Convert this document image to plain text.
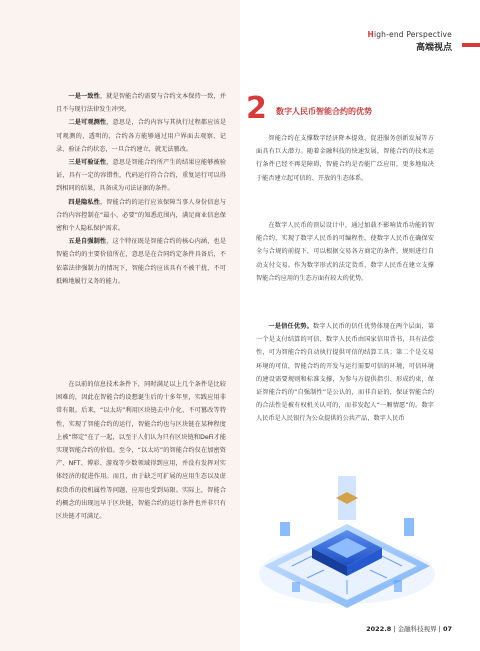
High-end Perspective
高端视点

一是一致性，就是智能合约需要与合约文本保持一致，并且不与现行法律发生冲突。

二是可观测性，意思是，合约内容与其执行过程都应该是可观测的，透明的，合约各方能够通过用户界面去观察、记录、验证合约状态，一旦合约建立，就无法篡改。

三是可验证性，意思是智能合约所产生的结果应能够被验证，具有一定的容错性，代码运行符合合约，重复运行可以得到相同的结果，具备成为司法证据的条件。

四是隐私性，智能合约的运行应该保障当事人身份信息与合约内容控制在“最小、必要”的知悉范围内，满足商业信息保密和个人隐私保护需求。

五是自强制性，这个特征既是智能合约的核心内涵，也是智能合约的主要价值所在，意思是在合同约定条件具备后，不依靠法律强制力的情况下，智能合约应该具有不被干扰、不可抵赖地履行义务的能力。

在以前的信息技术条件下，同时满足以上几个条件是比较困难的，因此在智能合约设想诞生后的十多年里，实践应用非常有限。后来，“以太坊”利用区块链去中介化、不可篡改等特性，实现了智能合约的运行，智能合约也与区块链在某种程度上被“绑定”在了一起，以至于人们认为只有区块链和DeFi才能实现智能合约的价值。至今，“以太坊”的智能合约仅在加密资产、NFT、博彩、游戏等少数领域得到应用，并没有发挥对实体经济的促进作用。而且，由于缺乏可扩展的应用生态以及虚拟货币的投机属性等问题，应用也受到局限。实际上，智能合约概念的出现远早于区块链，智能合约的运行条件也并非只有区块链才可满足。

2 数字人民币智能合约的优势

智能合约在支撑数字经济降本提效、促进服务创新发展等方面具有巨大潜力。随着金融科技的快速发展，智能合约的技术运行条件已经不再是障碍，智能合约是否能广泛应用，更多地取决于能否建立起可信的、开放的生态体系。

在数字人民币的顶层设计中，通过加载不影响货币功能的智能合约，实现了数字人民币的可编程性，使数字人民币在确保安全与合规的前提下，可以根据交易各方商定的条件、规则进行自动支付交易。作为数字形式的法定货币，数字人民币在建立支撑智能合约应用的生态方面有较大的优势。

一是信任优势。数字人民币的信任优势体现在两个层面，第一个是支付结算的可信，数字人民币由国家信用背书，具有法偿性，可为智能合约自动执行提供可信的结算工具；第二个是交易环境的可信，智能合约的开发与运行需要可信的环境，可信环境的建设需要规则和标准支撑，为参与方提供指引、形成约束，保证智能合约的“自强制性”是公认的，而非自证的，保证智能合约的合法性是被有权机关认可的，而非发起人“一厢情愿”的。数字人民币是人民银行为公众提供的公共产品，数字人民币

2022.8 | 金融科技视界 | 07
